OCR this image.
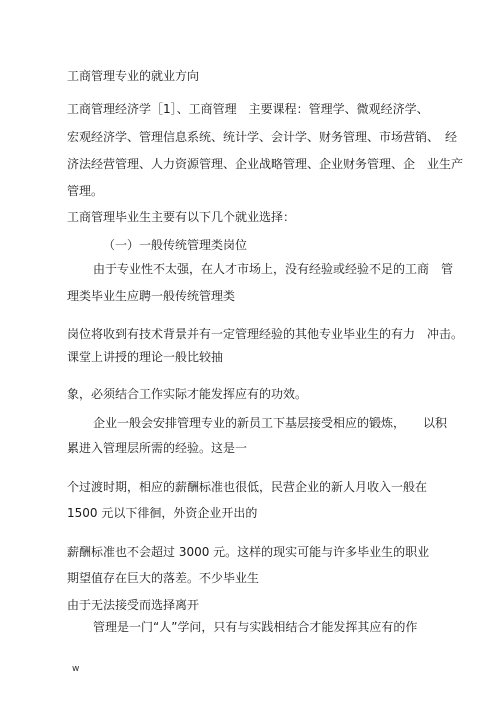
工商管理专业的就业方向
工商管理经济学［1］、工商管理　主要课程：管理学、微观经济学、
宏观经济学、管理信息系统、统计学、会计学、财务管理、市场营销、　经
济法经营管理、人力资源管理、企业战略管理、企业财务管理、企　业生产
管理。
工商管理毕业生主要有以下几个就业选择：
（一）一般传统管理类岗位
由于专业性不太强，在人才市场上，没有经验或经验不足的工商　管
理类毕业生应聘一般传统管理类
岗位将收到有技术背景并有一定管理经验的其他专业毕业生的有力　冲击。
课堂上讲授的理论一般比较抽
象，必须结合工作实际才能发挥应有的功效。
企业一般会安排管理专业的新员工下基层接受相应的锻炼，　　以积
累进入管理层所需的经验。这是一
个过渡时期，相应的薪酬标准也很低，民营企业的新人月收入一般在
1500 元以下徘徊，外资企业开出的
薪酬标准也不会超过 3000 元。这样的现实可能与许多毕业生的职业
期望值存在巨大的落差。不少毕业生
由于无法接受而选择离开
管理是一门“人”学问，只有与实践相结合才能发挥其应有的作
w
